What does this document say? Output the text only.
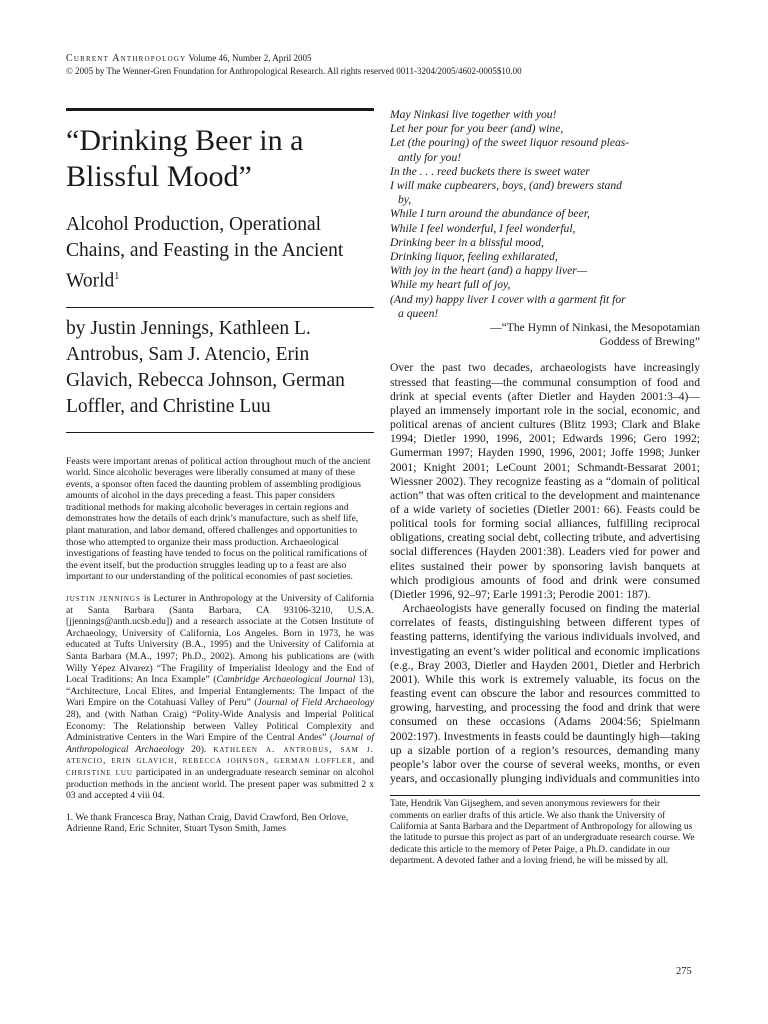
Current Anthropology Volume 46, Number 2, April 2005
© 2005 by The Wenner-Gren Foundation for Anthropological Research. All rights reserved 0011-3204/2005/4602-0005$10.00
“Drinking Beer in a Blissful Mood”
Alcohol Production, Operational Chains, and Feasting in the Ancient World$^1$

by Justin Jennings, Kathleen L. Antrobus, Sam J. Atencio, Erin Glavich, Rebecca Johnson, German Loffler, and Christine Luu

Feasts were important arenas of political action throughout much of the ancient world. Since alcoholic beverages were liberally consumed at many of these events, a sponsor often faced the daunting problem of assembling prodigious amounts of alcohol in the days preceding a feast. This paper considers traditional methods for making alcoholic beverages in certain regions and demonstrates how the details of each drink’s manufacture, such as shelf life, plant maturation, and labor demand, offered challenges and opportunities to those who attempted to organize their mass production. Archaeological investigations of feasting have tended to focus on the political ramifications of the event itself, but the production struggles leading up to a feast are also important to our understanding of the political economies of past societies.

justin jennings is Lecturer in Anthropology at the University of California at Santa Barbara (Santa Barbara, CA 93106-3210, U.S.A. [jjennings@anth.ucsb.edu]) and a research associate at the Cotsen Institute of Archaeology, University of California, Los Angeles. Born in 1973, he was educated at Tufts University (B.A., 1995) and the University of California at Santa Barbara (M.A., 1997; Ph.D., 2002). Among his publications are (with Willy Yépez Alvarez) “The Fragility of Imperialist Ideology and the End of Local Traditions: An Inca Example” (Cambridge Archaeological Journal 13), “Architecture, Local Elites, and Imperial Entanglements: The Impact of the Wari Empire on the Cotahuasi Valley of Peru” (Journal of Field Archaeology 28), and (with Nathan Craig) “Polity-Wide Analysis and Imperial Political Economy: The Relationship between Valley Political Complexity and Administrative Centers in the Wari Empire of the Central Andes” (Journal of Anthropological Archaeology 20). kathleen a. antrobus, sam j. atencio, erin glavich, rebecca johnson, german loffler, and christine luu participated in an undergraduate research seminar on alcohol production methods in the ancient world. The present paper was submitted 2 x 03 and accepted 4 viii 04.

1. We thank Francesca Bray, Nathan Craig, David Crawford, Ben Orlove, Adrienne Rand, Eric Schniter, Stuart Tyson Smith, James

May Ninkasi live together with you!
Let her pour for you beer (and) wine,
Let (the pouring) of the sweet liquor resound pleas-
antly for you!
In the . . . reed buckets there is sweet water
I will make cupbearers, boys, (and) brewers stand
by,
While I turn around the abundance of beer,
While I feel wonderful, I feel wonderful,
Drinking beer in a blissful mood,
Drinking liquor, feeling exhilarated,
With joy in the heart (and) a happy liver—
While my heart full of joy,
(And my) happy liver I cover with a garment fit for
a queen!

—“The Hymn of Ninkasi, the Mesopotamian
Goddess of Brewing”

Over the past two decades, archaeologists have increasingly stressed that feasting—the communal consumption of food and drink at special events (after Dietler and Hayden 2001:3–4)—played an immensely important role in the social, economic, and political arenas of ancient cultures (Blitz 1993; Clark and Blake 1994; Dietler 1990, 1996, 2001; Edwards 1996; Gero 1992; Gumerman 1997; Hayden 1990, 1996, 2001; Joffe 1998; Junker 2001; Knight 2001; LeCount 2001; Schmandt-Bessarat 2001; Wiessner 2002). They recognize feasting as a “domain of political action” that was often critical to the development and maintenance of a wide variety of societies (Dietler 2001: 66). Feasts could be political tools for forming social alliances, fulfilling reciprocal obligations, creating social debt, collecting tribute, and advertising social differences (Hayden 2001:38). Leaders vied for power and elites sustained their power by sponsoring lavish banquets at which prodigious amounts of food and drink were consumed (Dietler 1996, 92–97; Earle 1991:3; Perodie 2001: 187).

Archaeologists have generally focused on finding the material correlates of feasts, distinguishing between different types of feasting patterns, identifying the various individuals involved, and investigating an event’s wider political and economic implications (e.g., Bray 2003, Dietler and Hayden 2001, Dietler and Herbrich 2001). While this work is extremely valuable, its focus on the feasting event can obscure the labor and resources committed to growing, harvesting, and processing the food and drink that were consumed on these occasions (Adams 2004:56; Spielmann 2002:197). Investments in feasts could be dauntingly high—taking up a sizable portion of a region’s resources, demanding many people’s labor over the course of several weeks, months, or even years, and occasionally plunging individuals and communities into

Tate, Hendrik Van Gijseghem, and seven anonymous reviewers for their comments on earlier drafts of this article. We also thank the University of California at Santa Barbara and the Department of Anthropology for allowing us the latitude to pursue this project as part of an undergraduate research course. We dedicate this article to the memory of Peter Paige, a Ph.D. candidate in our department. A devoted father and a loving friend, he will be missed by all.

275
